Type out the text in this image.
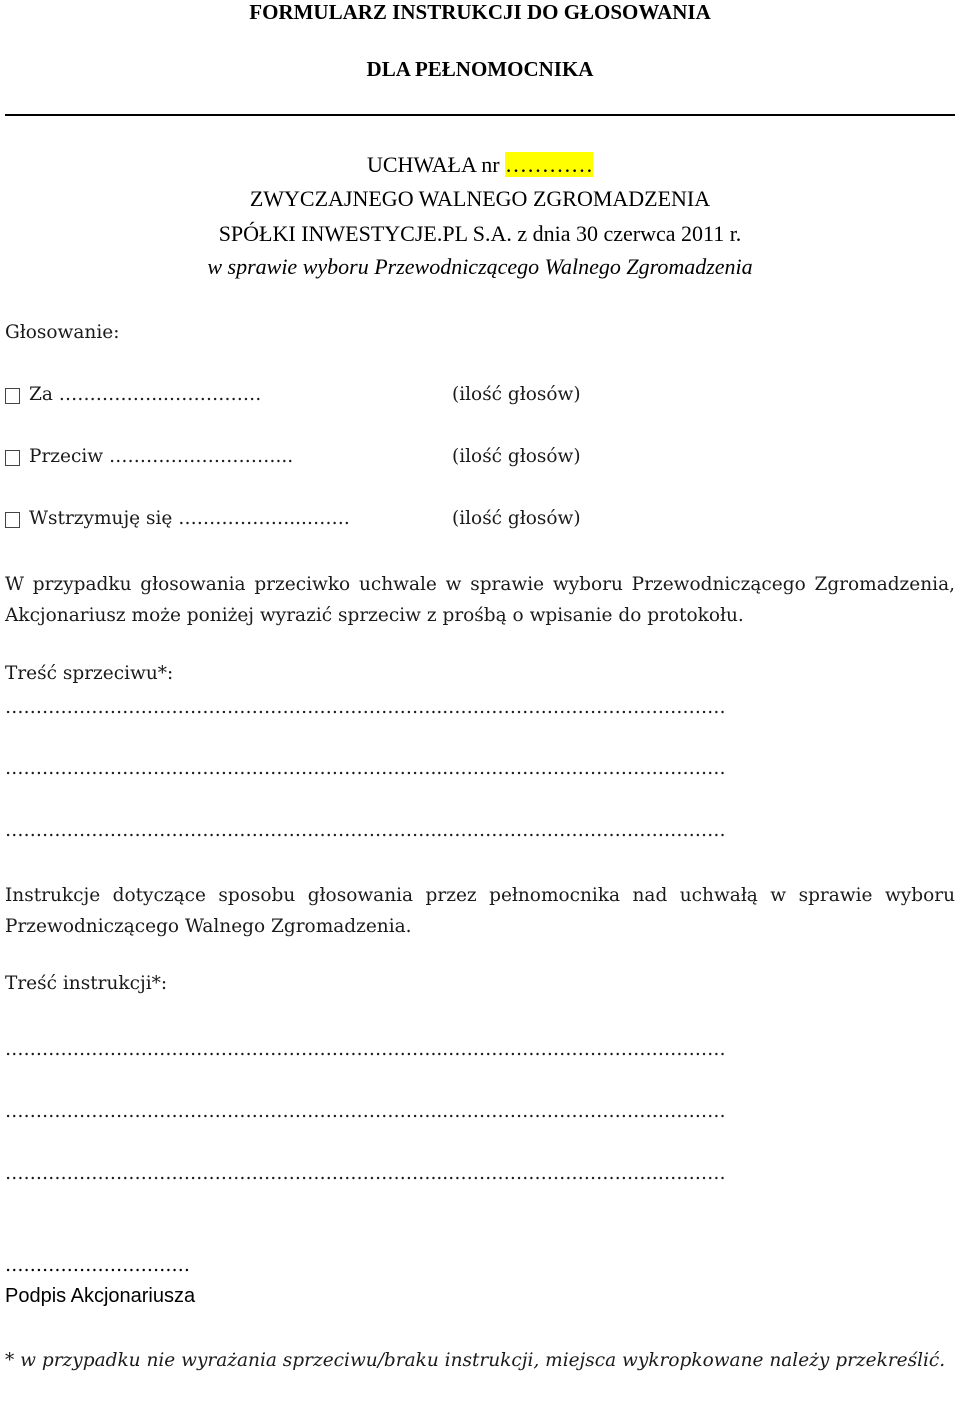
FORMULARZ INSTRUKCJI DO GŁOSOWANIA
DLA PEŁNOMOCNIKA
UCHWAŁA nr …………
ZWYCZAJNEGO WALNEGO ZGROMADZENIA
SPÓŁKI INWESTYCJE.PL S.A. z dnia 30 czerwca 2011 r.
w sprawie wyboru Przewodniczącego Walnego Zgromadzenia
Głosowanie:
Za ……………...……………	(ilość głosów)
Przeciw ………………………...	(ilość głosów)
Wstrzymuję się ………………...…….	(ilość głosów)
W przypadku głosowania przeciwko uchwale w sprawie wyboru Przewodniczącego Zgromadzenia, Akcjonariusz może poniżej wyrazić sprzeciw z prośbą o wpisanie do protokołu.
Treść sprzeciwu*:
……………………………………………………………...………………………………………
……………………………………………………………...………………………………………
……………………………………………………………...………………………………………
Instrukcje dotyczące sposobu głosowania przez pełnomocnika nad uchwałą w sprawie wyboru Przewodniczącego Walnego Zgromadzenia.
Treść instrukcji*:
……………………………………………………………...………………………………………
……………………………………………………………...………………………………………
……………………………………………………………...………………………………………
…………………………
Podpis Akcjonariusza
* w przypadku nie wyrażania sprzeciwu/braku instrukcji, miejsca wykropkowane należy przekreślić.
